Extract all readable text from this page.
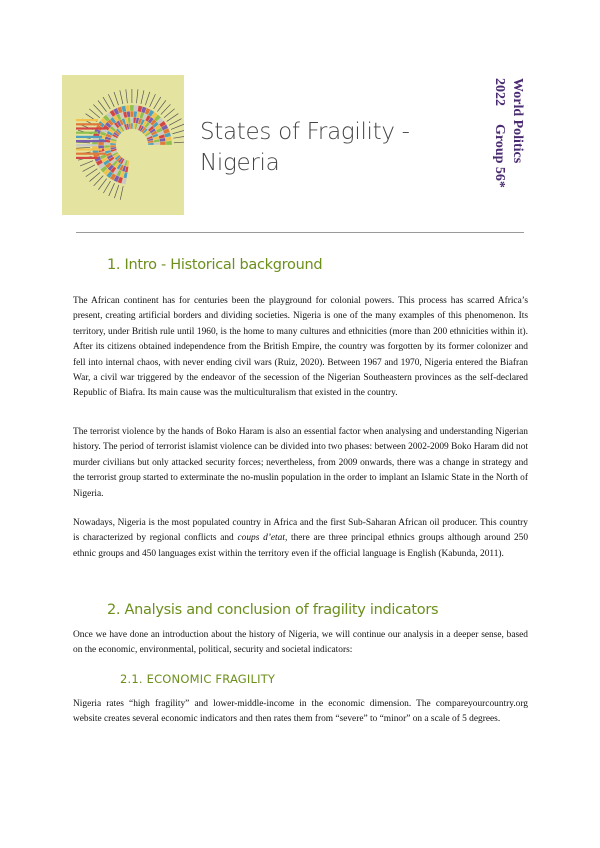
States of Fragility -
Nigeria	World Politics
2022 Group 56*
1. Intro - Historical background

The African continent has for centuries been the playground for colonial powers. This process has scarred Africa’s present, creating artificial borders and dividing societies. Nigeria is one of the many examples of this phenomenon. Its territory, under British rule until 1960, is the home to many cultures and ethnicities (more than 200 ethnicities within it). After its citizens obtained independence from the British Empire, the country was forgotten by its former colonizer and fell into internal chaos, with never ending civil wars (Ruiz, 2020). Between 1967 and 1970, Nigeria entered the Biafran War, a civil war triggered by the endeavor of the secession of the Nigerian Southeastern provinces as the self-declared Republic of Biafra. Its main cause was the multiculturalism that existed in the country.

The terrorist violence by the hands of Boko Haram is also an essential factor when analysing and understanding Nigerian history. The period of terrorist islamist violence can be divided into two phases: between 2002-2009 Boko Haram did not murder civilians but only attacked security forces; nevertheless, from 2009 onwards, there was a change in strategy and the terrorist group started to exterminate the no-muslin population in the order to implant an Islamic State in the North of Nigeria.

Nowadays, Nigeria is the most populated country in Africa and the first Sub-Saharan African oil producer. This country is characterized by regional conflicts and coups d’etat, there are three principal ethnics groups although around 250 ethnic groups and 450 languages exist within the territory even if the official language is English (Kabunda, 2011).

2. Analysis and conclusion of fragility indicators

Once we have done an introduction about the history of Nigeria, we will continue our analysis in a deeper sense, based on the economic, environmental, political, security and societal indicators:

2.1. ECONOMIC FRAGILITY

Nigeria rates “high fragility” and lower-middle-income in the economic dimension. The compareyourcountry.org website creates several economic indicators and then rates them from “severe” to “minor” on a scale of 5 degrees.
